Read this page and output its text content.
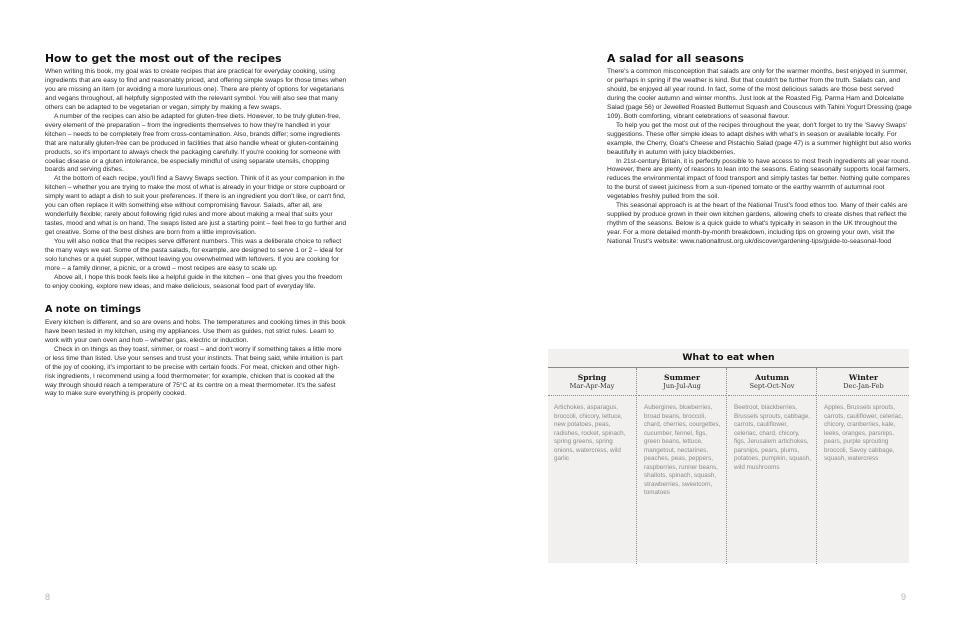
How to get the most out of the recipes

When writing this book, my goal was to create recipes that are practical for everyday cooking, using ingredients that are easy to find and reasonably priced, and offering simple swaps for those times when you are missing an item (or avoiding a more luxurious one). There are plenty of options for vegetarians and vegans throughout, all helpfully signposted with the relevant symbol. You will also see that many others can be adapted to be vegetarian or vegan, simply by making a few swaps.

A number of the recipes can also be adapted for gluten-free diets. However, to be truly gluten-free, every element of the preparation – from the ingredients themselves to how they're handled in your kitchen – needs to be completely free from cross-contamination. Also, brands differ; some ingredients that are naturally gluten-free can be produced in facilities that also handle wheat or gluten-containing products, so it's important to always check the packaging carefully. If you're cooking for someone with coeliac disease or a gluten intolerance, be especially mindful of using separate utensils, chopping boards and serving dishes.

At the bottom of each recipe, you'll find a Savvy Swaps section. Think of it as your companion in the kitchen – whether you are trying to make the most of what is already in your fridge or store cupboard or simply want to adapt a dish to suit your preferences. If there is an ingredient you don't like, or can't find, you can often replace it with something else without compromising flavour. Salads, after all, are wonderfully flexible; rarely about following rigid rules and more about making a meal that suits your tastes, mood and what is on hand. The swaps listed are just a starting point – feel free to go further and get creative. Some of the best dishes are born from a little improvisation.

You will also notice that the recipes serve different numbers. This was a deliberate choice to reflect the many ways we eat. Some of the pasta salads, for example, are designed to serve 1 or 2 – ideal for solo lunches or a quiet supper, without leaving you overwhelmed with leftovers. If you are cooking for more – a family dinner, a picnic, or a crowd – most recipes are easy to scale up.

Above all, I hope this book feels like a helpful guide in the kitchen – one that gives you the freedom to enjoy cooking, explore new ideas, and make delicious, seasonal food part of everyday life.

A note on timings

Every kitchen is different, and so are ovens and hobs. The temperatures and cooking times in this book have been tested in my kitchen, using my appliances. Use them as guides, not strict rules. Learn to work with your own oven and hob – whether gas, electric or induction.

Check in on things as they toast, simmer, or roast – and don't worry if something takes a little more or less time than listed. Use your senses and trust your instincts. That being said, while intuition is part of the joy of cooking, it's important to be precise with certain foods. For meat, chicken and other high-risk ingredients, I recommend using a food thermometer; for example, chicken that is cooked all the way through should reach a temperature of 75°C at its centre on a meat thermometer. It's the safest way to make sure everything is properly cooked.

8
A salad for all seasons

There's a common misconception that salads are only for the warmer months, best enjoyed in summer, or perhaps in spring if the weather is kind. But that couldn't be further from the truth. Salads can, and should, be enjoyed all year round. In fact, some of the most delicious salads are those best served during the cooler autumn and winter months. Just look at the Roasted Fig, Parma Ham and Dolcelatte Salad (page 56) or Jewelled Roasted Butternut Squash and Couscous with Tahini Yogurt Dressing (page 109). Both comforting, vibrant celebrations of seasonal flavour.

To help you get the most out of the recipes throughout the year, don't forget to try the 'Savvy Swaps' suggestions. These offer simple ideas to adapt dishes with what's in season or available locally. For example, the Cherry, Goat's Cheese and Pistachio Salad (page 47) is a summer highlight but also works beautifully in autumn with juicy blackberries.

In 21st-century Britain, it is perfectly possible to have access to most fresh ingredients all year round. However, there are plenty of reasons to lean into the seasons. Eating seasonally supports local farmers, reduces the environmental impact of food transport and simply tastes far better. Nothing quite compares to the burst of sweet juiciness from a sun-ripened tomato or the earthy warmth of autumnal root vegetables freshly pulled from the soil.

This seasonal approach is at the heart of the National Trust's food ethos too. Many of their cafés are supplied by produce grown in their own kitchen gardens, allowing chefs to create dishes that reflect the rhythm of the seasons. Below is a quick guide to what's typically in season in the UK throughout the year. For a more detailed month-by-month breakdown, including tips on growing your own, visit the National Trust's website: www.nationaltrust.org.uk/discover/gardening-tips/guide-to-seasonal-food

9
What to eat when
Spring
Mar-Apr-May
Artichokes, asparagus, broccoli, chicory, lettuce, new potatoes, peas, radishes, rocket, spinach, spring greens, spring onions, watercress, wild garlic
Summer
Jun-Jul-Aug
Aubergines, blueberries, broad beans, broccoli, chard, cherries, courgettes, cucumber, fennel, figs, green beans, lettuce, mangetout, nectarines, peaches, peas, peppers, raspberries, runner beans, shallots, spinach, squash, strawberries, sweetcorn, tomatoes
Autumn
Sept-Oct-Nov
Beetroot, blackberries, Brussels sprouts, cabbage, carrots, cauliflower, celeriac, chard, chicory, figs, Jerusalem artichokes, parsnips, pears, plums, potatoes, pumpkin, squash, wild mushrooms
Winter
Dec-Jan-Feb
Apples, Brussels sprouts, carrots, cauliflower, celeriac, chicory, cranberries, kale, leeks, oranges, parsnips, pears, purple sprouting broccoli, Savoy cabbage, squash, watercress
